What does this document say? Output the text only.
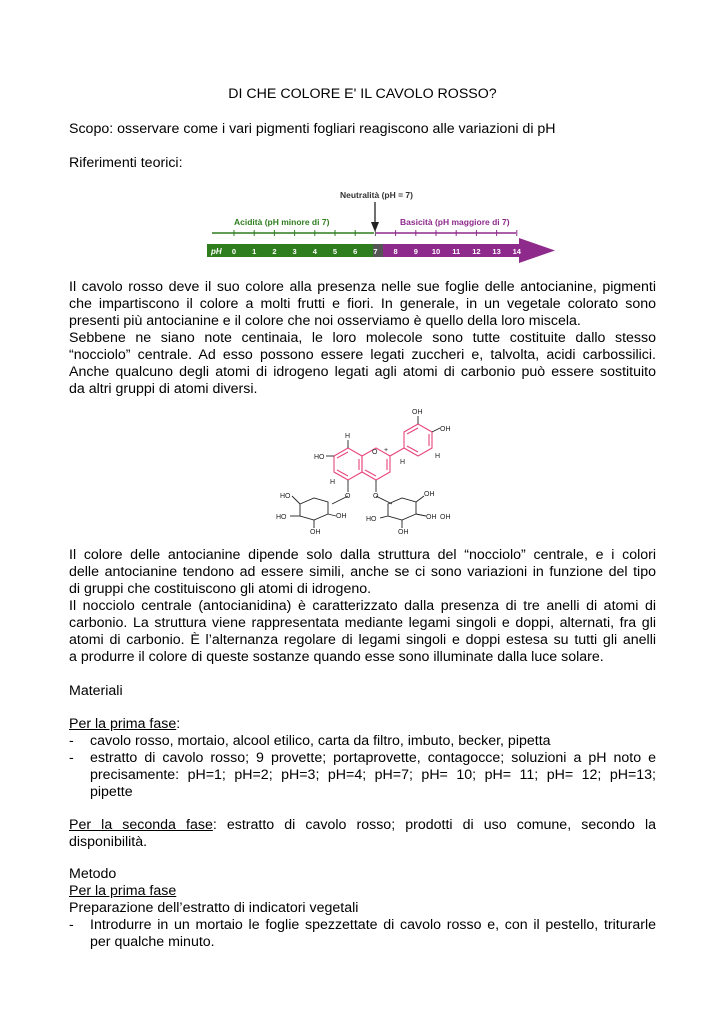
DI CHE COLORE E' IL CAVOLO ROSSO?
Scopo: osservare come i vari pigmenti fogliari reagiscono alle variazioni di pH
Riferimenti teorici:
Neutralità (pH = 7)
Acidità (pH minore di 7)	Basicità (pH maggiore di 7)
pH 0 1 2 3 4 5 6 7 8 9 10 11 12 13 14
Il cavolo rosso deve il suo colore alla presenza nelle sue foglie delle antocianine, pigmenti
che impartiscono il colore a molti frutti e fiori. In generale, in un vegetale colorato sono
presenti più antocianine e il colore che noi osserviamo è quello della loro miscela.
Sebbene ne siano note centinaia, le loro molecole sono tutte costituite dallo stesso
“nocciolo” centrale. Ad esso possono essere legati zuccheri e, talvolta, acidi carbossilici.
Anche qualcuno degli atomi di idrogeno legati agli atomi di carbonio può essere sostituito
da altri gruppi di atomi diversi.
OH
OH
H
H
HO
+
O
H
H
O	O
HO
HO	OH
OH
OH
HO	OH
OH
OH
Il colore delle antocianine dipende solo dalla struttura del “nocciolo” centrale, e i colori
delle antocianine tendono ad essere simili, anche se ci sono variazioni in funzione del tipo
di gruppi che costituiscono gli atomi di idrogeno.
Il nocciolo centrale (antocianidina) è caratterizzato dalla presenza di tre anelli di atomi di
carbonio. La struttura viene rappresentata mediante legami singoli e doppi, alternati, fra gli
atomi di carbonio. È l’alternanza regolare di legami singoli e doppi estesa su tutti gli anelli
a produrre il colore di queste sostanze quando esse sono illuminate dalla luce solare.
Materiali
Per la prima fase:
- cavolo rosso, mortaio, alcool etilico, carta da filtro, imbuto, becker, pipetta
- estratto di cavolo rosso; 9 provette; portaprovette, contagocce; soluzioni a pH noto e
precisamente: pH=1; pH=2; pH=3; pH=4; pH=7; pH= 10; pH= 11; pH= 12; pH=13;
pipette
Per la seconda fase: estratto di cavolo rosso; prodotti di uso comune, secondo la
disponibilità.
Metodo
Per la prima fase
Preparazione dell’estratto di indicatori vegetali
- Introdurre in un mortaio le foglie spezzettate di cavolo rosso e, con il pestello, triturarle
per qualche minuto.
